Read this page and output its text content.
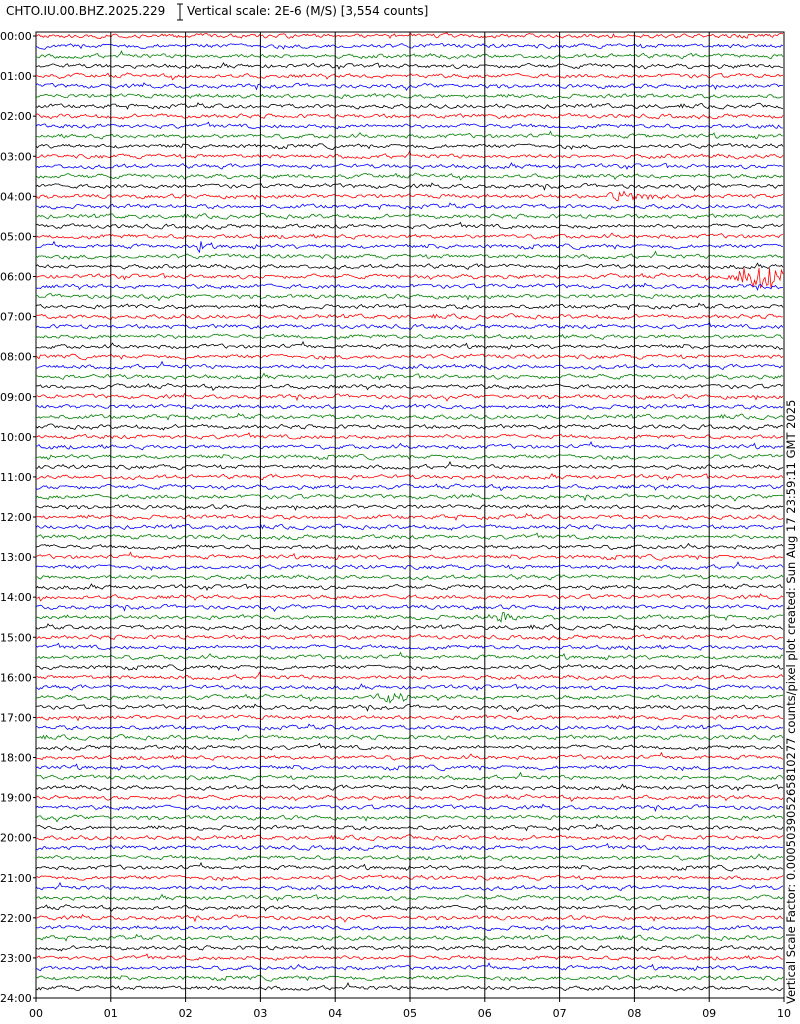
CHTO.IU.00.BHZ.2025.229 Vertical scale: 2E-6 (M/S) [3,554 counts]
00:00
01:00
02:00
03:00
04:00
05:00
06:00
07:00
08:00
09:00
10:00
11:00
12:00
13:00
14:00
15:00
16:00
17:00
18:00
19:00
20:00
21:00
22:00
23:00
24:00
00	01	02	03	04	05	06	07	08	09	10
Vertical Scale Factor: 0.000503905265810277 counts/pixel plot created: Sun Aug 17 23:59:11 GMT 2025
